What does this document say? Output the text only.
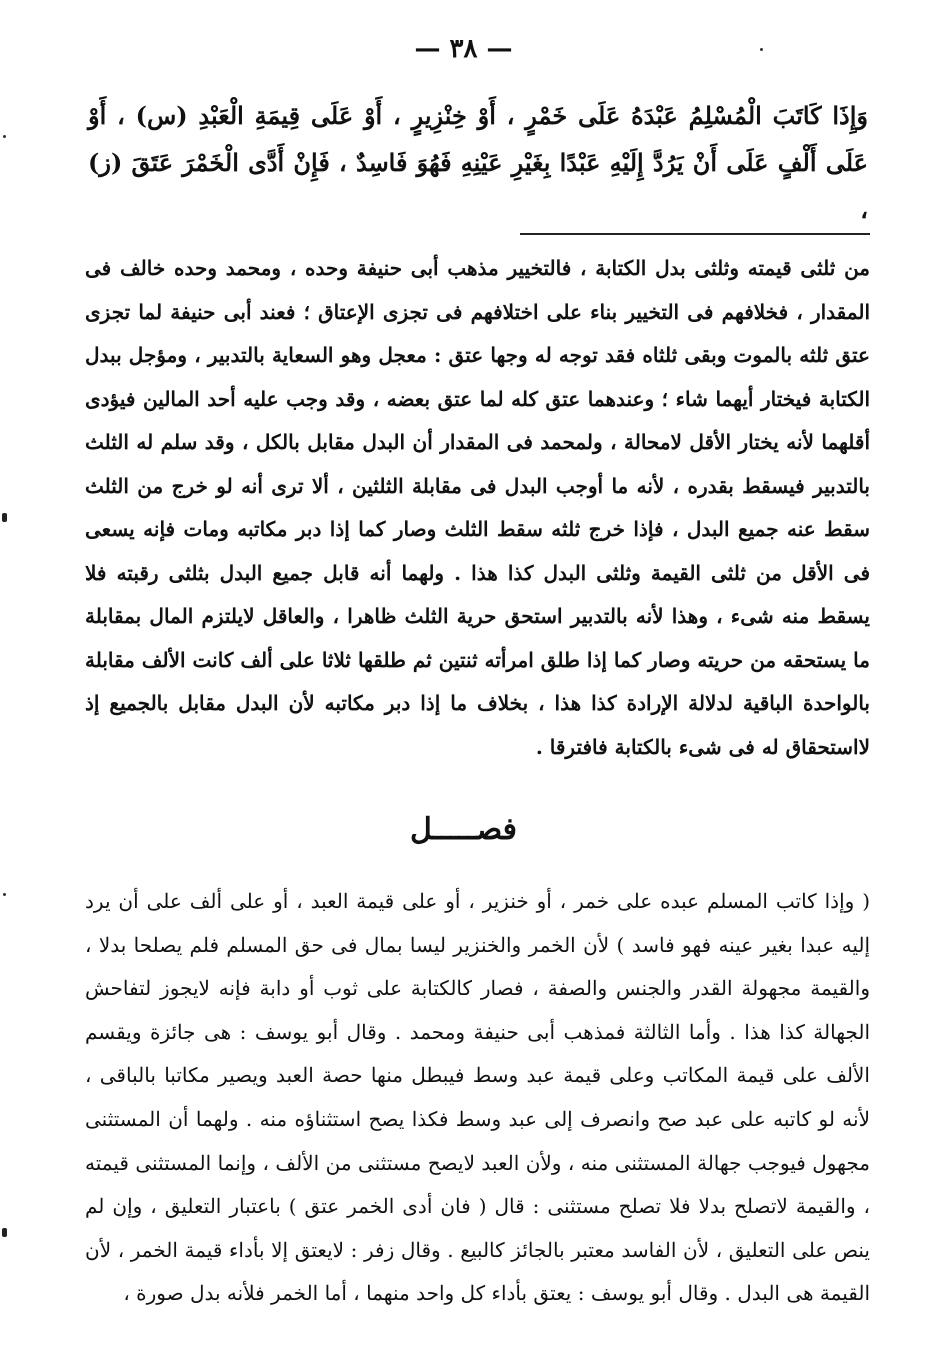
— ٣٨ —
وَإِذَا كَاتَبَ الْمُسْلِمُ عَبْدَهُ عَلَى خَمْرٍ ، أَوْ خِنْزِيرٍ ، أَوْ عَلَى قِيمَةِ الْعَبْدِ (س) ، أَوْ عَلَى أَلْفٍ عَلَى أَنْ يَرُدَّ إِلَيْهِ عَبْدًا بِغَيْرِ عَيْنِهِ فَهُوَ فَاسِدٌ ، فَإِنْ أَدَّى الْخَمْرَ عَتَقَ (ز) ،
من ثلثى قيمته وثلثى بدل الكتابة ، فالتخيير مذهب أبى حنيفة وحده ، ومحمد وحده خالف فى المقدار ، فخلافهم فى التخيير بناء على اختلافهم فى تجزى الإعتاق ؛ فعند أبى حنيفة لما تجزى عتق ثلثه بالموت وبقى ثلثاه فقد توجه له وجها عتق : معجل وهو السعاية بالتدبير ، ومؤجل ببدل الكتابة فيختار أيهما شاء ؛ وعندهما عتق كله لما عتق بعضه ، وقد وجب عليه أحد المالين فيؤدى أقلهما لأنه يختار الأقل لامحالة ، ولمحمد فى المقدار أن البدل مقابل بالكل ، وقد سلم له الثلث بالتدبير فيسقط بقدره ، لأنه ما أوجب البدل فى مقابلة الثلثين ، ألا ترى أنه لو خرج من الثلث سقط عنه جميع البدل ، فإذا خرج ثلثه سقط الثلث وصار كما إذا دبر مكاتبه ومات فإنه يسعى فى الأقل من ثلثى القيمة وثلثى البدل كذا هذا . ولهما أنه قابل جميع البدل بثلثى رقبته فلا يسقط منه شىء ، وهذا لأنه بالتدبير استحق حرية الثلث ظاهرا ، والعاقل لايلتزم المال بمقابلة ما يستحقه من حريته وصار كما إذا طلق امرأته ثنتين ثم طلقها ثلاثا على ألف كانت الألف مقابلة بالواحدة الباقية لدلالة الإرادة كذا هذا ، بخلاف ما إذا دبر مكاتبه لأن البدل مقابل بالجميع إذ لااستحقاق له فى شىء بالكتابة فافترقا .
فصـــــل
( وإذا كاتب المسلم عبده على خمر ، أو خنزير ، أو على قيمة العبد ، أو على ألف على أن يرد إليه عبدا بغير عينه فهو فاسد ) لأن الخمر والخنزير ليسا بمال فى حق المسلم فلم يصلحا بدلا ، والقيمة مجهولة القدر والجنس والصفة ، فصار كالكتابة على ثوب أو دابة فإنه لايجوز لتفاحش الجهالة كذا هذا . وأما الثالثة فمذهب أبى حنيفة ومحمد . وقال أبو يوسف : هى جائزة ويقسم الألف على قيمة المكاتب وعلى قيمة عبد وسط فيبطل منها حصة العبد ويصير مكاتبا بالباقى ، لأنه لو كاتبه على عبد صح وانصرف إلى عبد وسط فكذا يصح استثناؤه منه . ولهما أن المستثنى مجهول فيوجب جهالة المستثنى منه ، ولأن العبد لايصح مستثنى من الألف ، وإنما المستثنى قيمته ، والقيمة لاتصلح بدلا فلا تصلح مستثنى : قال ( فان أدى الخمر عتق ) باعتبار التعليق ، وإن لم ينص على التعليق ، لأن الفاسد معتبر بالجائز كالبيع . وقال زفر : لايعتق إلا بأداء قيمة الخمر ، لأن القيمة هى البدل . وقال أبو يوسف : يعتق بأداء كل واحد منهما ، أما الخمر فلأنه بدل صورة ،
